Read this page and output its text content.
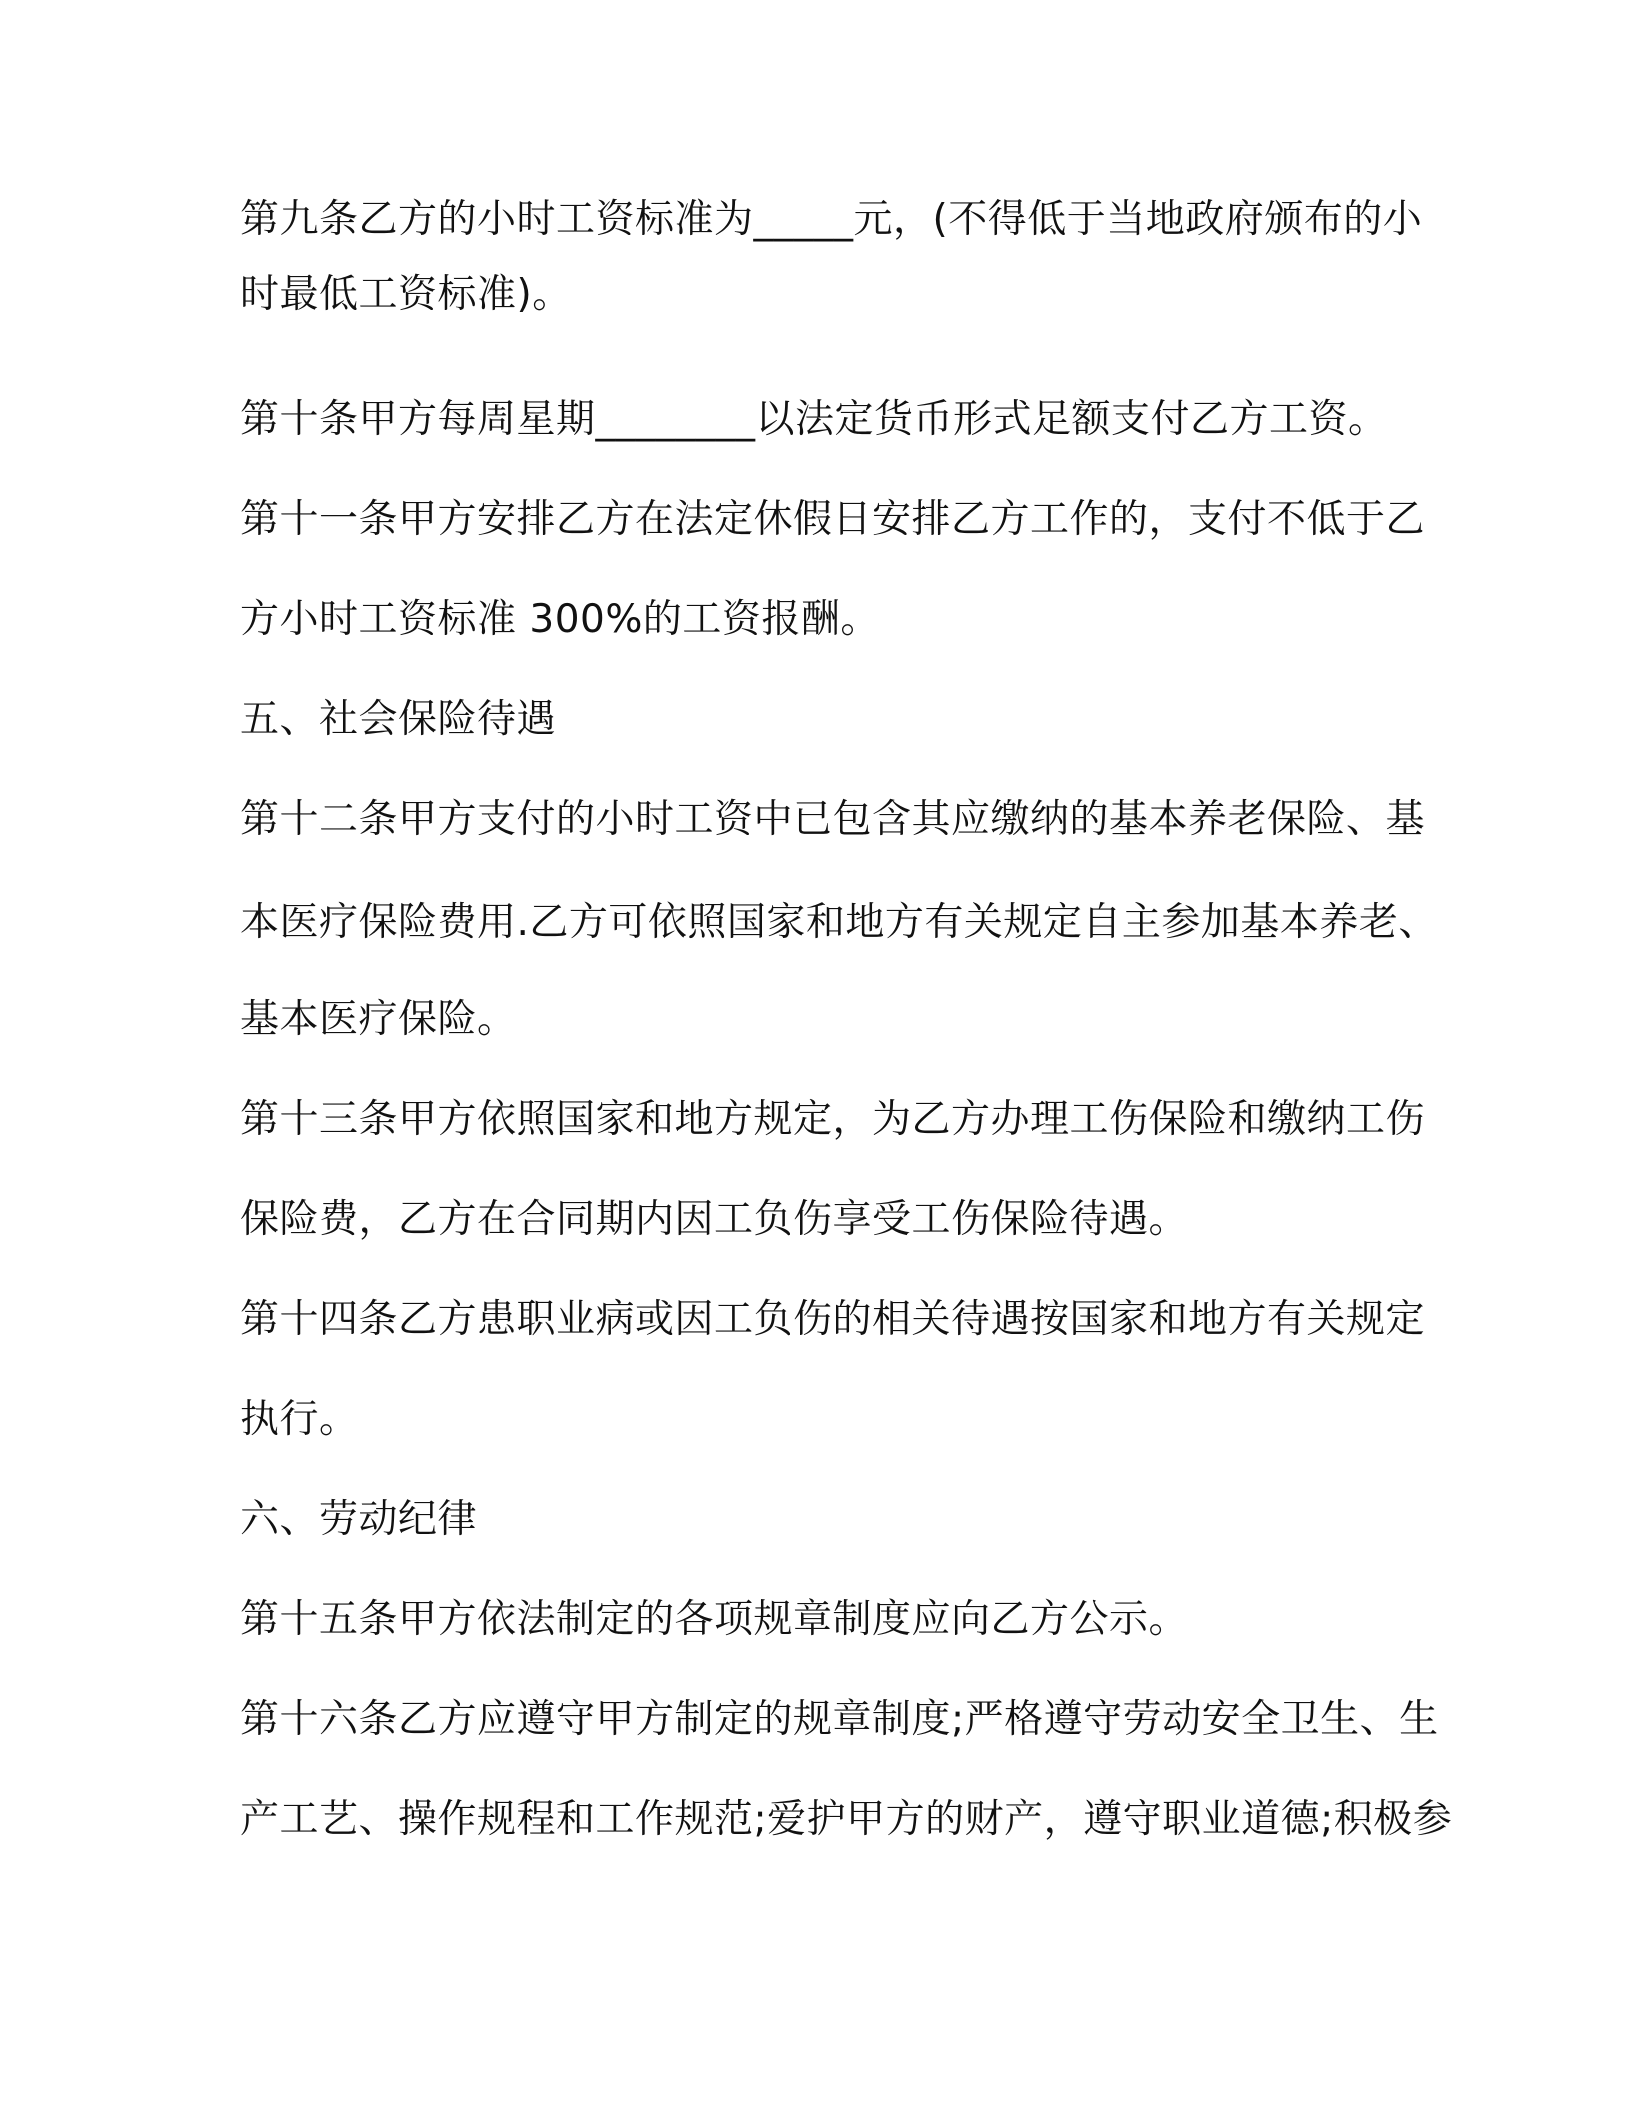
第九条乙方的小时工资标准为_____元，(不得低于当地政府颁布的小
时最低工资标准)。
第十条甲方每周星期________以法定货币形式足额支付乙方工资。
第十一条甲方安排乙方在法定休假日安排乙方工作的，支付不低于乙
方小时工资标准 300%的工资报酬。
五、社会保险待遇
第十二条甲方支付的小时工资中已包含其应缴纳的基本养老保险、基
本医疗保险费用.乙方可依照国家和地方有关规定自主参加基本养老、
基本医疗保险。
第十三条甲方依照国家和地方规定，为乙方办理工伤保险和缴纳工伤
保险费，乙方在合同期内因工负伤享受工伤保险待遇。
第十四条乙方患职业病或因工负伤的相关待遇按国家和地方有关规定
执行。
六、劳动纪律
第十五条甲方依法制定的各项规章制度应向乙方公示。
第十六条乙方应遵守甲方制定的规章制度;严格遵守劳动安全卫生、生
产工艺、操作规程和工作规范;爱护甲方的财产，遵守职业道德;积极参
